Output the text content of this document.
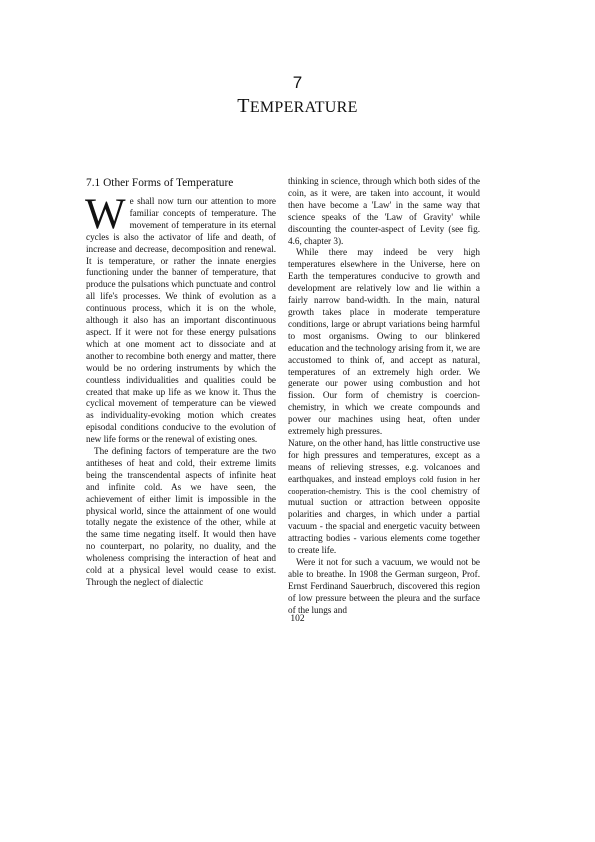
7
TEMPERATURE
7.1 Other Forms of Temperature

We shall now turn our attention to more familiar concepts of temperature. The movement of temperature in its eternal cycles is also the activator of life and death, of increase and decrease, decomposition and renewal. It is temperature, or rather the innate energies functioning under the banner of temperature, that produce the pulsations which punctuate and control all life's processes. We think of evolution as a continuous process, which it is on the whole, although it also has an important discontinuous aspect. If it were not for these energy pulsations which at one moment act to dissociate and at another to recombine both energy and matter, there would be no ordering instruments by which the countless individualities and qualities could be created that make up life as we know it. Thus the cyclical movement of temperature can be viewed as individuality-evoking motion which creates episodal conditions conducive to the evolution of new life forms or the renewal of existing ones.

The defining factors of temperature are the two antitheses of heat and cold, their extreme limits being the transcendental aspects of infinite heat and infinite cold. As we have seen, the achievement of either limit is impossible in the physical world, since the attainment of one would totally negate the existence of the other, while at the same time negating itself. It would then have no counterpart, no polarity, no duality, and the wholeness comprising the interaction of heat and cold at a physical level would cease to exist. Through the neglect of dialectic

thinking in science, through which both sides of the coin, as it were, are taken into account, it would then have become a 'Law' in the same way that science speaks of the 'Law of Gravity' while discounting the counter-aspect of Levity (see fig. 4.6, chapter 3).

While there may indeed be very high temperatures elsewhere in the Universe, here on Earth the temperatures conducive to growth and development are relatively low and lie within a fairly narrow band-width. In the main, natural growth takes place in moderate temperature conditions, large or abrupt variations being harmful to most organisms. Owing to our blinkered education and the technology arising from it, we are accustomed to think of, and accept as natural, temperatures of an extremely high order. We generate our power using combustion and hot fission. Our form of chemistry is coercion-chemistry, in which we create compounds and power our machines using heat, often under extremely high pressures.

Nature, on the other hand, has little constructive use for high pressures and temperatures, except as a means of relieving stresses, e.g. volcanoes and earthquakes, and instead employs cold fusion in her cooperation-chemistry. This is the cool chemistry of mutual suction or attraction between opposite polarities and charges, in which under a partial vacuum - the spacial and energetic vacuity between attracting bodies - various elements come together to create life.

Were it not for such a vacuum, we would not be able to breathe. In 1908 the German surgeon, Prof. Ernst Ferdinand Sauerbruch, discovered this region of low pressure between the pleura and the surface of the lungs and

102
